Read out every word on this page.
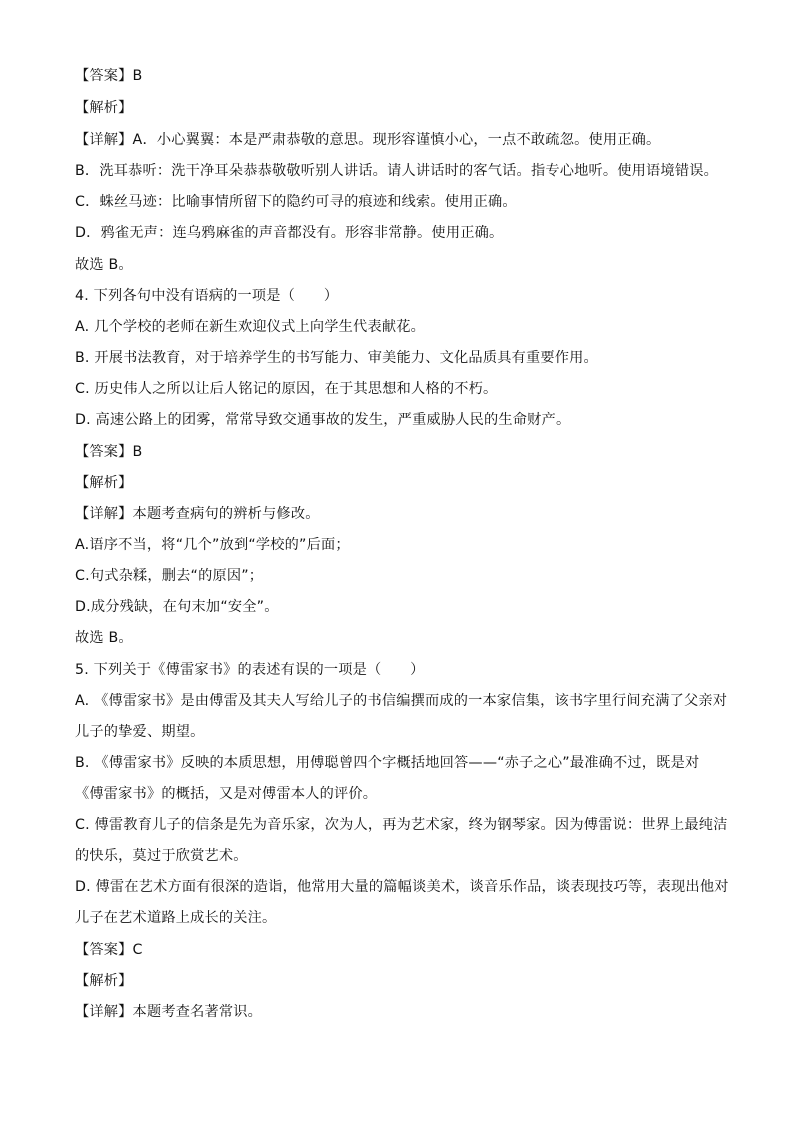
【答案】B
【解析】
【详解】A．小心翼翼：本是严肃恭敬的意思。现形容谨慎小心，一点不敢疏忽。使用正确。
B．洗耳恭听：洗干净耳朵恭恭敬敬听别人讲话。请人讲话时的客气话。指专心地听。使用语境错误。
C．蛛丝马迹：比喻事情所留下的隐约可寻的痕迹和线索。使用正确。
D．鸦雀无声：连乌鸦麻雀的声音都没有。形容非常静。使用正确。
故选 B。
4. 下列各句中没有语病的一项是（　　）
A. 几个学校的老师在新生欢迎仪式上向学生代表献花。
B. 开展书法教育，对于培养学生的书写能力、审美能力、文化品质具有重要作用。
C. 历史伟人之所以让后人铭记的原因，在于其思想和人格的不朽。
D. 高速公路上的团雾，常常导致交通事故的发生，严重威胁人民的生命财产。
【答案】B
【解析】
【详解】本题考查病句的辨析与修改。
A.语序不当，将“几个”放到“学校的”后面；
C.句式杂糅，删去“的原因”；
D.成分残缺，在句末加“安全”。
故选 B。
5. 下列关于《傅雷家书》的表述有误的一项是（　　）
A. 《傅雷家书》是由傅雷及其夫人写给儿子的书信编撰而成的一本家信集，该书字里行间充满了父亲对
儿子的挚爱、期望。
B. 《傅雷家书》反映的本质思想，用傅聪曾四个字概括地回答——“赤子之心”最准确不过，既是对
《傅雷家书》的概括，又是对傅雷本人的评价。
C. 傅雷教育儿子的信条是先为音乐家，次为人，再为艺术家，终为钢琴家。因为傅雷说：世界上最纯洁
的快乐，莫过于欣赏艺术。
D. 傅雷在艺术方面有很深的造诣，他常用大量的篇幅谈美术，谈音乐作品，谈表现技巧等，表现出他对
儿子在艺术道路上成长的关注。
【答案】C
【解析】
【详解】本题考查名著常识。
